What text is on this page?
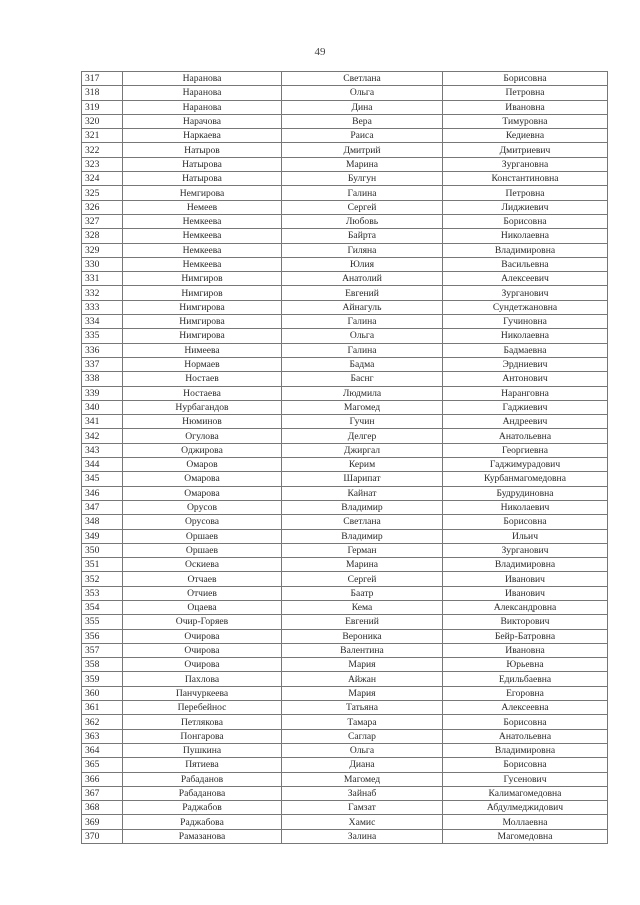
49
317	Наранова	Светлана	Борисовна
318	Наранова	Ольга	Петровна
319	Наранова	Дина	Ивановна
320	Нарачова	Вера	Тимуровна
321	Наркаева	Раиса	Кедиевна
322	Натыров	Дмитрий	Дмитриевич
323	Натырова	Марина	Зургановна
324	Натырова	Булгун	Константиновна
325	Немгирова	Галина	Петровна
326	Немеев	Сергей	Лиджиевич
327	Немкеева	Любовь	Борисовна
328	Немкеева	Байрта	Николаевна
329	Немкеева	Гиляна	Владимировна
330	Немкеева	Юлия	Васильевна
331	Нимгиров	Анатолий	Алексеевич
332	Нимгиров	Евгений	Зурганович
333	Нимгирова	Айнагуль	Сундетжановна
334	Нимгирова	Галина	Гучиновна
335	Нимгирова	Ольга	Николаевна
336	Нимеева	Галина	Бадмаевна
337	Нормаев	Бадма	Эрдниевич
338	Ностаев	Баснг	Антонович
339	Ностаева	Людмила	Наранговна
340	Нурбагандов	Магомед	Гаджиевич
341	Нюминов	Гучин	Андреевич
342	Огулова	Делгер	Анатольевна
343	Оджирова	Джиргал	Георгиевна
344	Омаров	Керим	Гаджимурадович
345	Омарова	Шарипат	Курбанмагомедовна
346	Омарова	Кайнат	Будрудиновна
347	Орусов	Владимир	Николаевич
348	Орусова	Светлана	Борисовна
349	Оршаев	Владимир	Ильич
350	Оршаев	Герман	Зурганович
351	Оскиева	Марина	Владимировна
352	Отчаев	Сергей	Иванович
353	Отчиев	Баатр	Иванович
354	Оцаева	Кема	Александровна
355	Очир-Горяев	Евгений	Викторович
356	Очирова	Вероника	Бейр-Батровна
357	Очирова	Валентина	Ивановна
358	Очирова	Мария	Юрьевна
359	Пахлова	Айжан	Едильбаевна
360	Панчуркеева	Мария	Егоровна
361	Перебейнос	Татьяна	Алексеевна
362	Петлякова	Тамара	Борисовна
363	Понгарова	Саглар	Анатольевна
364	Пушкина	Ольга	Владимировна
365	Пятиева	Диана	Борисовна
366	Рабаданов	Магомед	Гусенович
367	Рабаданова	Зайнаб	Калимагомедовна
368	Раджабов	Гамзат	Абдулмеджидович
369	Раджабова	Хамис	Моллаевна
370	Рамазанова	Залина	Магомедовна
